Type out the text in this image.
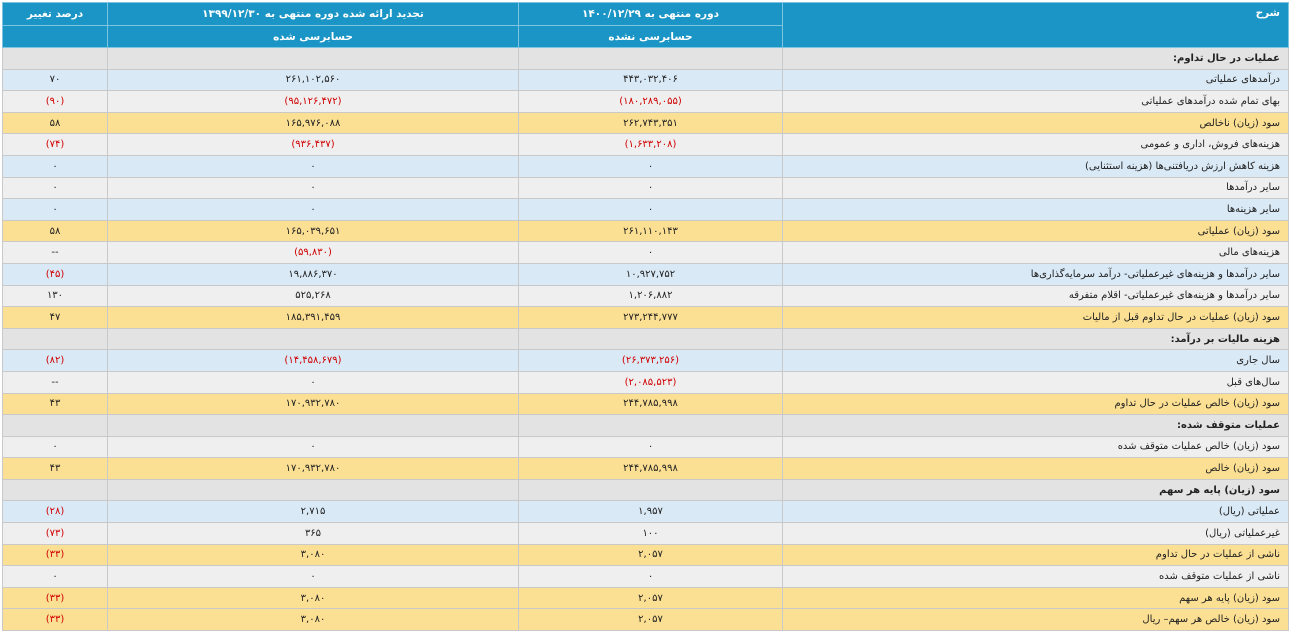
شرح	دوره منتهی به ۱۴۰۰/۱۲/۲۹	تجدید ارائه شده دوره منتهی به ۱۳۹۹/۱۲/۳۰	درصد تغییر
	حسابرسی نشده	حسابرسی شده	
عملیات در حال تداوم:			
درآمدهای عملیاتی	۴۴۳,۰۳۲,۴۰۶	۲۶۱,۱۰۲,۵۶۰	۷۰
بهای تمام شده درآمدهای عملیاتی	(۱۸۰,۲۸۹,۰۵۵)	(۹۵,۱۲۶,۴۷۲)	(۹۰)
سود (زیان) ناخالص	۲۶۲,۷۴۳,۳۵۱	۱۶۵,۹۷۶,۰۸۸	۵۸
هزینه‌های فروش، اداری و عمومی	(۱,۶۳۳,۲۰۸)	(۹۳۶,۴۳۷)	(۷۴)
هزینه کاهش ارزش دریافتنی‌ها (هزینه استثنایی)	۰	۰	۰
سایر درآمدها	۰	۰	۰
سایر هزینه‌ها	۰	۰	۰
سود (زیان) عملیاتی	۲۶۱,۱۱۰,۱۴۳	۱۶۵,۰۳۹,۶۵۱	۵۸
هزینه‌های مالی	۰	(۵۹,۸۳۰)	--
سایر درآمدها و هزینه‌های غیرعملیاتی- درآمد سرمایه‌گذاری‌ها	۱۰,۹۲۷,۷۵۲	۱۹,۸۸۶,۳۷۰	(۴۵)
سایر درآمدها و هزینه‌های غیرعملیاتی- اقلام متفرقه	۱,۲۰۶,۸۸۲	۵۲۵,۲۶۸	۱۳۰
سود (زیان) عملیات در حال تداوم قبل از مالیات	۲۷۳,۲۴۴,۷۷۷	۱۸۵,۳۹۱,۴۵۹	۴۷
هزینه مالیات بر درآمد:			
سال جاری	(۲۶,۳۷۳,۲۵۶)	(۱۴,۴۵۸,۶۷۹)	(۸۲)
سال‌های قبل	(۲,۰۸۵,۵۲۳)	۰	--
سود (زیان) خالص عملیات در حال تداوم	۲۴۴,۷۸۵,۹۹۸	۱۷۰,۹۳۲,۷۸۰	۴۳
عملیات متوقف شده:			
سود (زیان) خالص عملیات متوقف شده	۰	۰	۰
سود (زیان) خالص	۲۴۴,۷۸۵,۹۹۸	۱۷۰,۹۳۲,۷۸۰	۴۳
سود (زیان) پایه هر سهم			
عملیاتی (ریال)	۱,۹۵۷	۲,۷۱۵	(۲۸)
غیرعملیاتی (ریال)	۱۰۰	۳۶۵	(۷۳)
ناشی از عملیات در حال تداوم	۲,۰۵۷	۳,۰۸۰	(۳۳)
ناشی از عملیات متوقف شده	۰	۰	۰
سود (زیان) پایه هر سهم	۲,۰۵۷	۳,۰۸۰	(۳۳)
سود (زیان) خالص هر سهم– ریال	۲,۰۵۷	۳,۰۸۰	(۳۳)
